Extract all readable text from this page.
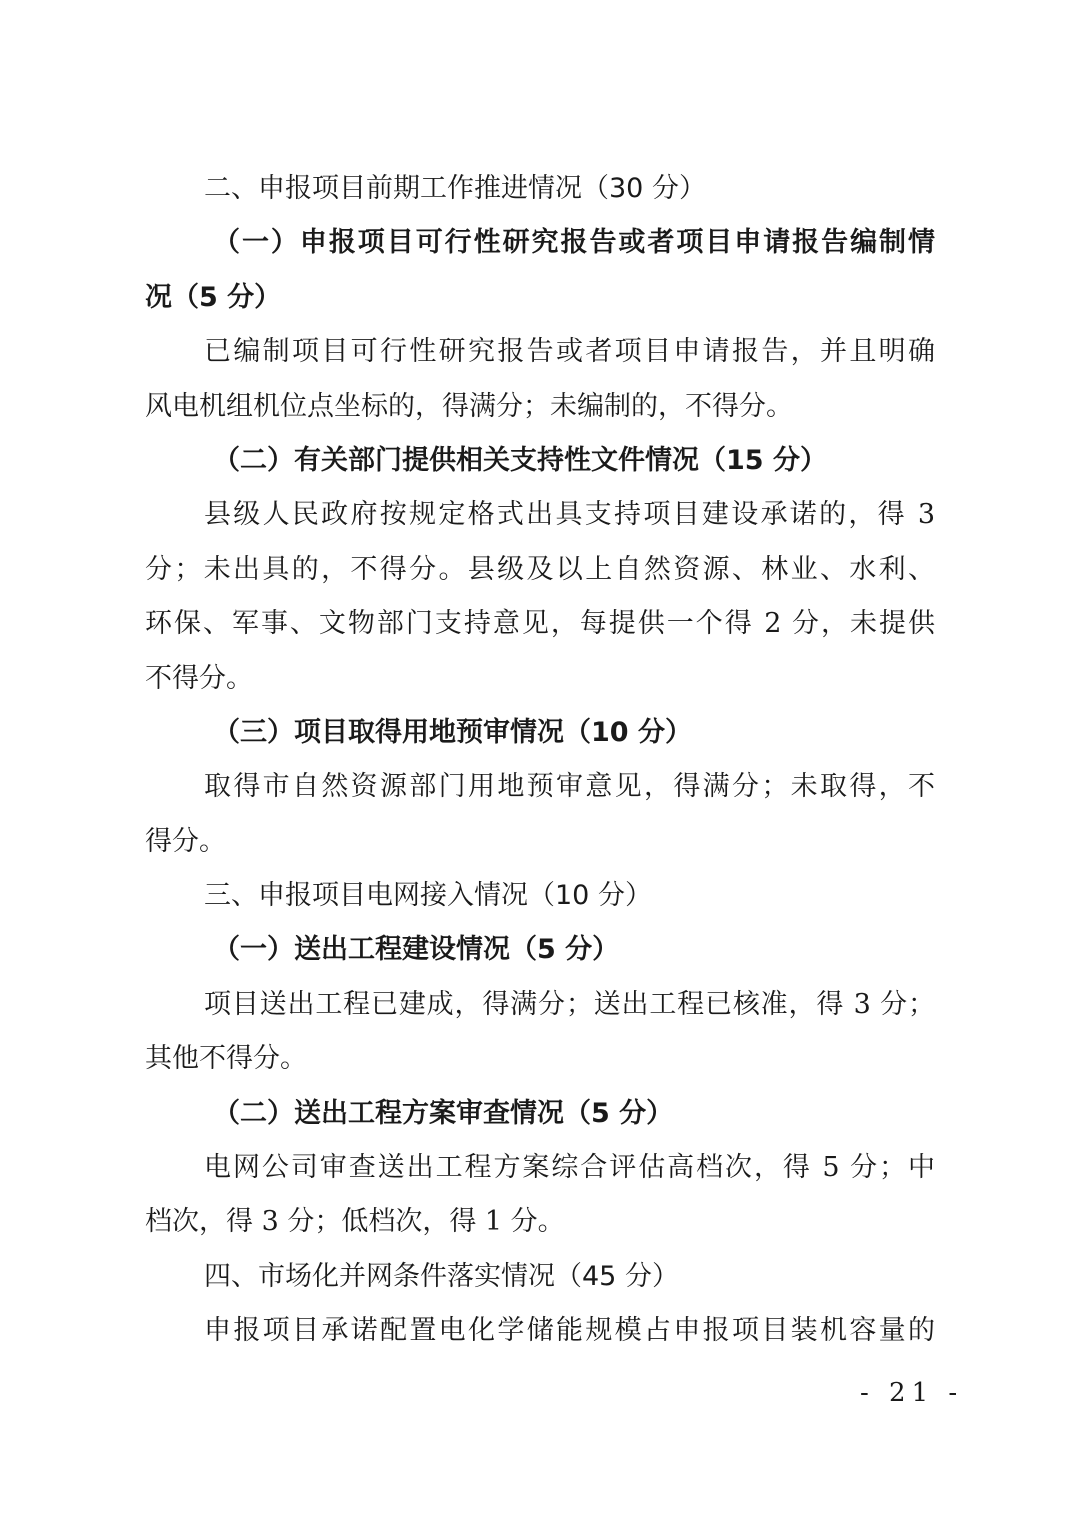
二、申报项目前期工作推进情况（30 分）
（一）申报项目可行性研究报告或者项目申请报告编制情
况（5 分）
已编制项目可行性研究报告或者项目申请报告，并且明确
风电机组机位点坐标的，得满分；未编制的，不得分。
（二）有关部门提供相关支持性文件情况（15 分）
县级人民政府按规定格式出具支持项目建设承诺的，得 3
分；未出具的，不得分。县级及以上自然资源、林业、水利、
环保、军事、文物部门支持意见，每提供一个得 2 分，未提供
不得分。
（三）项目取得用地预审情况（10 分）
取得市自然资源部门用地预审意见，得满分；未取得，不
得分。
三、申报项目电网接入情况（10 分）
（一）送出工程建设情况（5 分）
项目送出工程已建成，得满分；送出工程已核准，得 3 分；
其他不得分。
（二）送出工程方案审查情况（5 分）
电网公司审查送出工程方案综合评估高档次，得 5 分；中
档次，得 3 分；低档次，得 1 分。
四、市场化并网条件落实情况（45 分）
申报项目承诺配置电化学储能规模占申报项目装机容量的
- 21 -
